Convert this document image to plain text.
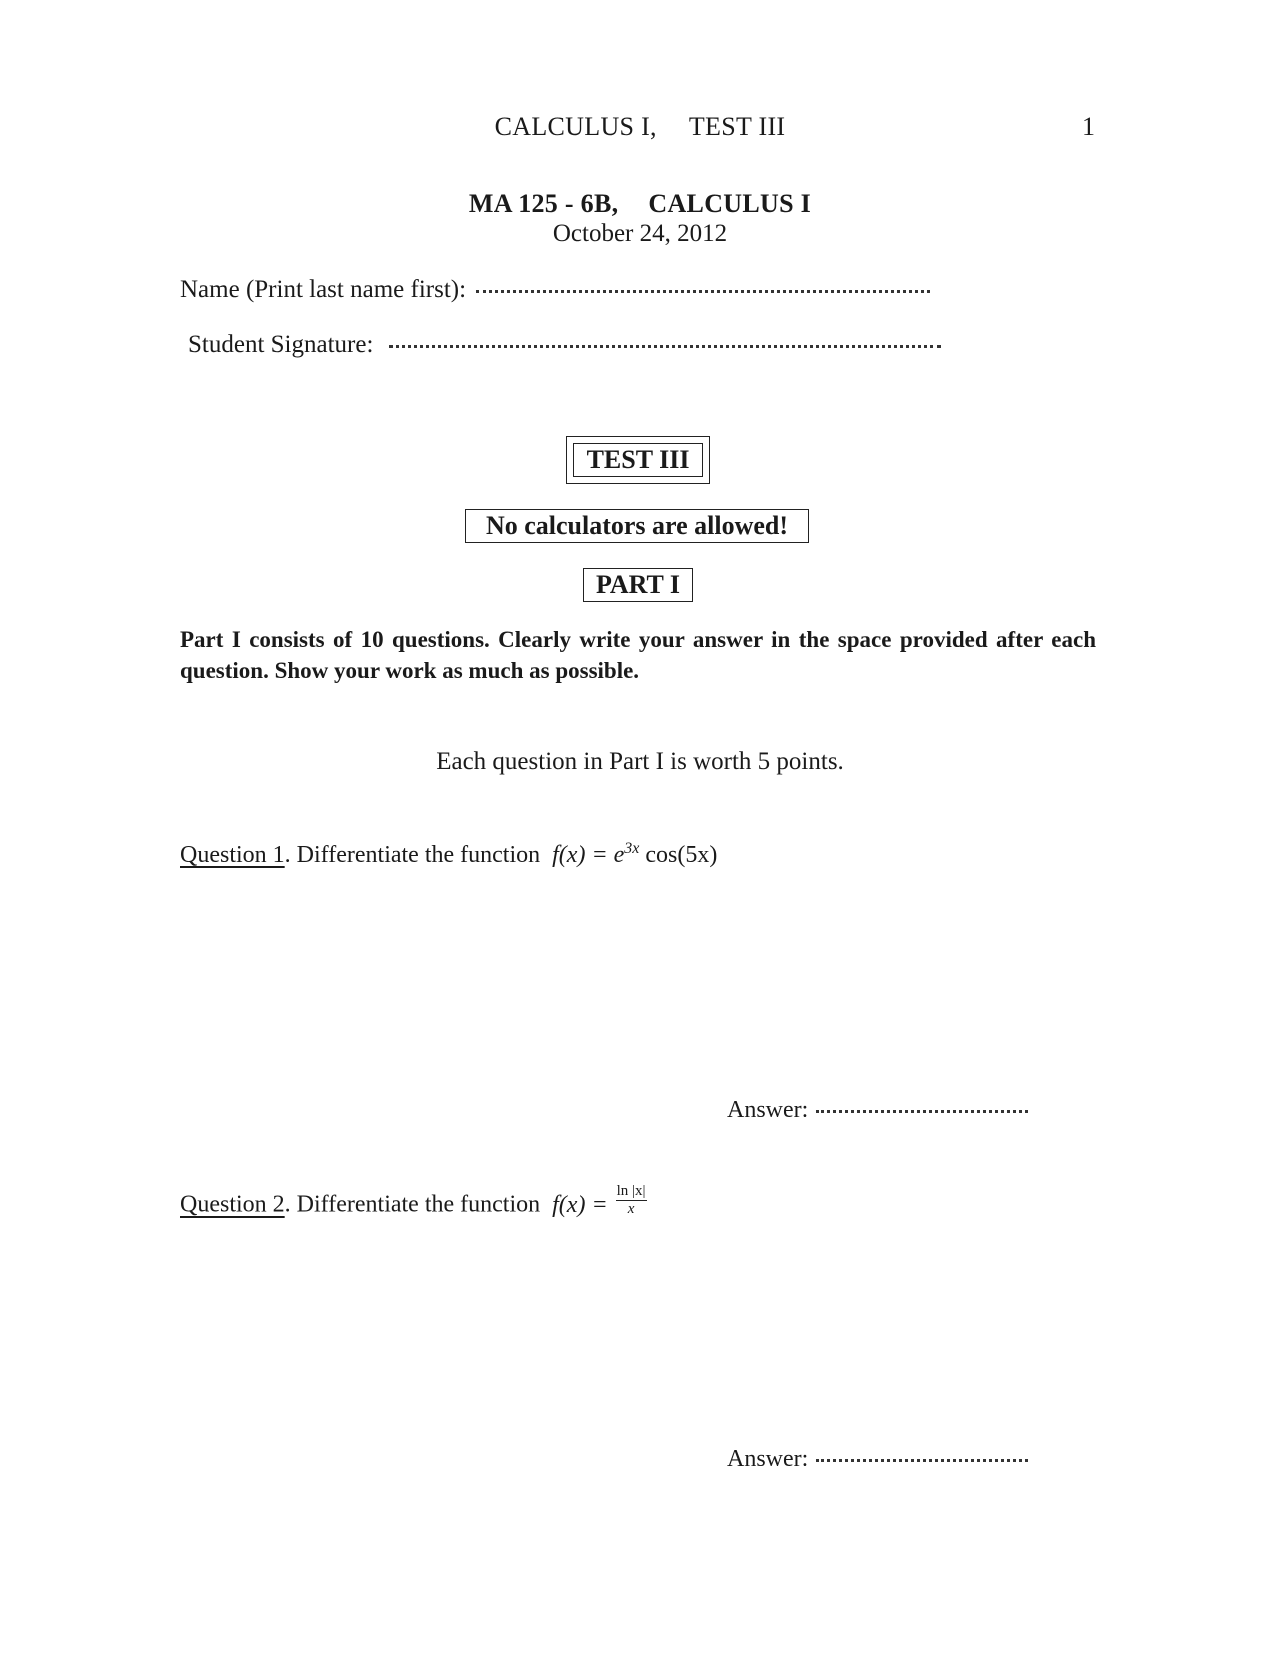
CALCULUS I, TEST III	1
MA 125 - 6B, CALCULUS I
October 24, 2012
Name (Print last name first):
Student Signature:
TEST III
No calculators are allowed!
PART I
Part I consists of 10 questions. Clearly write your answer in the space provided after each question. Show your work as much as possible.
Each question in Part I is worth 5 points.
Question 1. Differentiate the function $f(x) = e^{3x}$ cos(5x)
Answer:
Question 2. Differentiate the function $f(x) = \frac{\ln |x|}{x}$
Answer:
